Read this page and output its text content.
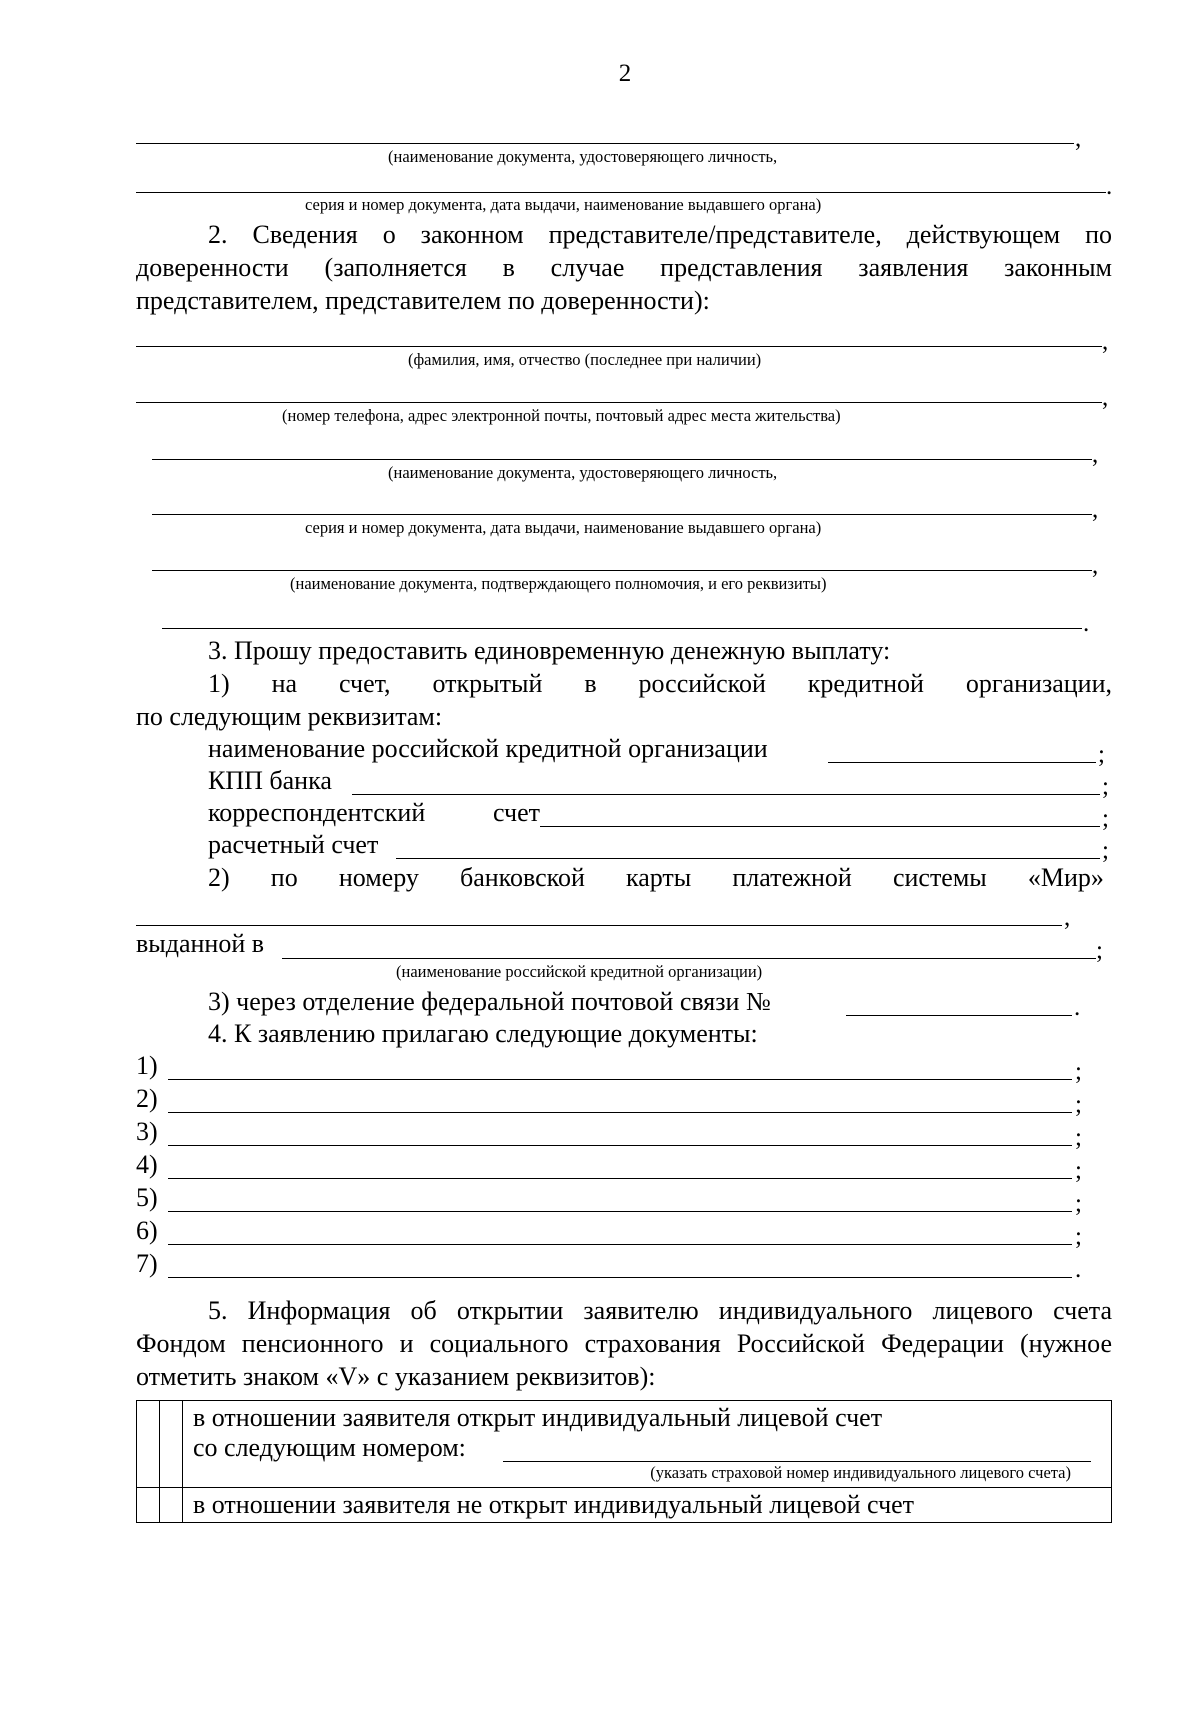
2
,
(наименование документа, удостоверяющего личность,
.
серия и номер документа, дата выдачи, наименование выдавшего органа)
2. Сведения о законном представителе/представителе, действующем по доверенности (заполняется в случае представления заявления законным представителем, представителем по доверенности):
,
(фамилия, имя, отчество (последнее при наличии)
,
(номер телефона, адрес электронной почты, почтовый адрес места жительства)
,
(наименование документа, удостоверяющего личность,
,
серия и номер документа, дата выдачи, наименование выдавшего органа)
,
(наименование документа, подтверждающего полномочия, и его реквизиты)
.
3. Прошу предоставить единовременную денежную выплату:
1) на счет, открытый в российской кредитной организации,
по следующим реквизитам:
наименование российской кредитной организации	;
КПП банка	;
корреспондентский	счет	;
расчетный счет	;
2) по номеру банковской карты платежной системы «Мир»
,
выданной в	;
(наименование российской кредитной организации)
3) через отделение федеральной почтовой связи №	.
4. К заявлению прилагаю следующие документы:
1)	;
2)	;
3)	;
4)	;
5)	;
6)	;
7)	.
5. Информация об открытии заявителю индивидуального лицевого счета Фондом пенсионного и социального страхования Российской Федерации (нужное отметить знаком «V» с указанием реквизитов):

		в отношении заявителя открыт индивидуальный лицевой счет
со следующим номером:
(указать страховой номер индивидуального лицевого счета)

		в отношении заявителя не открыт индивидуальный лицевой счет
